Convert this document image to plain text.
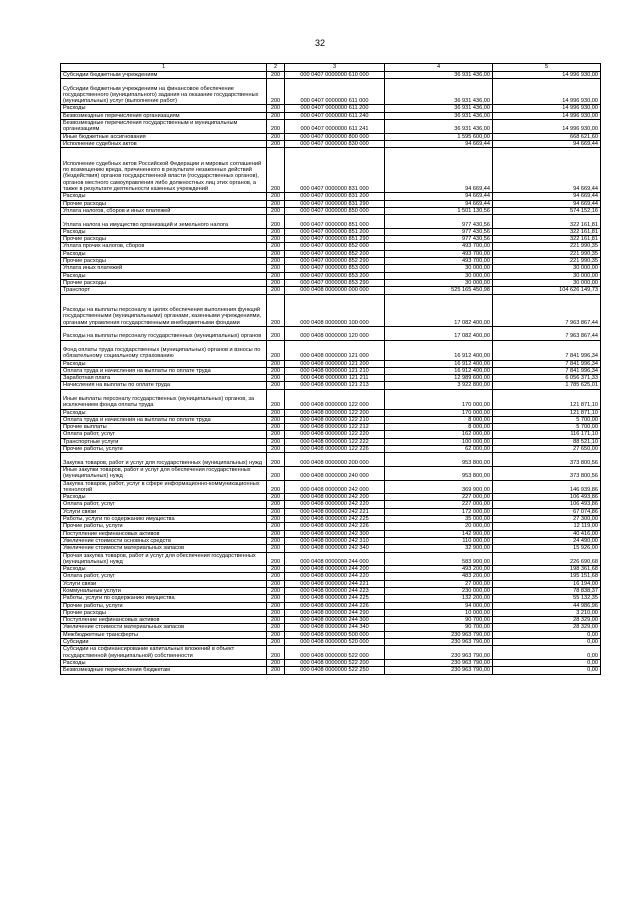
32
1	2	3	4	5
Субсидии бюджетным учреждениям	200	000 0407 0000000 610 000	36 931 436,00	14 996 930,00
Субсидии бюджетным учреждениям на финансовое обеспечение государственного (муниципального) задания на оказание государственных (муниципальных) услуг (выполнение работ)	200	000 0407 0000000 611 000	36 931 436,00	14 996 930,00
Расходы	200	000 0407 0000000 611 200	36 931 436,00	14 996 930,00
Безвозмездные перечисления организациям	200	000 0407 0000000 611 240	36 931 436,00	14 996 930,00
Безвозмездные перечисления государственным и муниципальным организациям	200	000 0407 0000000 611 241	36 931 436,00	14 996 930,00
Иные бюджетные ассигнования	200	000 0407 0000000 800 000	1 595 600,00	668 621,60
Исполнение судебных актов	200	000 0407 0000000 830 000	94 669,44	94 669,44
Исполнение судебных актов Российской Федерации и мировых соглашений по возмещению вреда, причиненного в результате незаконных действий (бездействия) органов государственной власти (государственных органов), органов местного самоуправления либо должностных лиц этих органов, а также в результате деятельности казенных учреждений	200	000 0407 0000000 831 000	94 669,44	94 669,44
Расходы	200	000 0407 0000000 831 200	94 669,44	94 669,44
Прочие расходы	200	000 0407 0000000 831 290	94 669,44	94 669,44
Уплата налогов, сборов и иных платежей	200	000 0407 0000000 850 000	1 501 130,56	574 152,16
Уплата налога на имущество организаций и земельного налога	200	000 0407 0000000 851 000	977 430,56	322 161,81
Расходы	200	000 0407 0000000 851 200	977 430,56	322 161,81
Прочие расходы	200	000 0407 0000000 851 290	977 430,56	322 161,81
Уплата прочих налогов, сборов	200	000 0407 0000000 852 000	493 700,00	221 990,35
Расходы	200	000 0407 0000000 852 200	493 700,00	221 990,35
Прочие расходы	200	000 0407 0000000 852 290	493 700,00	221 990,35
Уплата иных платежей	200	000 0407 0000000 853 000	30 000,00	30 000,00
Расходы	200	000 0407 0000000 853 200	30 000,00	30 000,00
Прочие расходы	200	000 0407 0000000 853 290	30 000,00	30 000,00
Транспорт	200	000 0408 0000000 000 000	525 165 450,98	104 626 149,73
Расходы на выплаты персоналу в целях обеспечения выполнения функций государственными (муниципальными) органами, казенными учреждениями, органами управления государственными внебюджетными фондами	200	000 0408 0000000 100 000	17 082 400,00	7 963 867,44
Расходы на выплаты персоналу государственных (муниципальных) органов	200	000 0408 0000000 120 000	17 082 400,00	7 963 867,44
Фонд оплаты труда государственных (муниципальных) органов и взносы по обязательному социальному страхованию	200	000 0408 0000000 121 000	16 912 400,00	7 841 996,34
Расходы	200	000 0408 0000000 121 200	16 912 400,00	7 841 996,34
Оплата труда и начисления на выплаты по оплате труда	200	000 0408 0000000 121 210	16 912 400,00	7 841 996,34
Заработная плата	200	000 0408 0000000 121 211	12 989 600,00	6 056 371,33
Начисления на выплаты по оплате труда	200	000 0408 0000000 121 213	3 922 800,00	1 785 625,01
Иные выплаты персоналу государственных (муниципальных) органов, за исключением фонда оплаты труда	200	000 0408 0000000 122 000	170 000,00	121 871,10
Расходы	200	000 0408 0000000 122 200	170 000,00	121 871,10
Оплата труда и начисления на выплаты по оплате труда	200	000 0408 0000000 122 210	8 000,00	5 700,00
Прочие выплаты	200	000 0408 0000000 122 212	8 000,00	5 700,00
Оплата работ, услуг	200	000 0408 0000000 122 220	162 000,00	116 171,10
Транспортные услуги	200	000 0408 0000000 122 222	100 000,00	88 521,10
Прочие работы, услуги	200	000 0408 0000000 122 226	62 000,00	27 650,00
Закупка товаров, работ и услуг для государственных (муниципальных) нужд	200	000 0408 0000000 200 000	953 800,00	373 800,56
Иные закупки товаров, работ и услуг для обеспечения государственных (муниципальных) нужд	200	000 0408 0000000 240 000	953 800,00	373 800,56
Закупка товаров, работ, услуг в сфере информационно-коммуникационных технологий	200	000 0408 0000000 242 000	369 900,00	146 939,86
Расходы	200	000 0408 0000000 242 200	227 000,00	106 493,86
Оплата работ, услуг	200	000 0408 0000000 242 220	227 000,00	106 493,86
Услуги связи	200	000 0408 0000000 242 221	172 000,00	67 074,86
Работы, услуги по содержанию имущества	200	000 0408 0000000 242 225	35 000,00	27 300,00
Прочие работы, услуги	200	000 0408 0000000 242 226	20 000,00	12 119,00
Поступление нефинансовых активов	200	000 0408 0000000 242 300	142 900,00	40 416,00
Увеличение стоимости основных средств	200	000 0408 0000000 242 310	110 000,00	24 490,00
Увеличение стоимости материальных запасов	200	000 0408 0000000 242 340	32 900,00	15 926,00
Прочая закупка товаров, работ и услуг для обеспечения государственных (муниципальных) нужд	200	000 0408 0000000 244 000	583 900,00	226 690,68
Расходы	200	000 0408 0000000 244 200	493 200,00	198 361,68
Оплата работ, услуг	200	000 0408 0000000 244 220	483 200,00	195 151,68
Услуги связи	200	000 0408 0000000 244 221	27 000,00	16 194,00
Коммунальные услуги	200	000 0408 0000000 244 223	230 000,00	78 838,37
Работы, услуги по содержанию имущества	200	000 0408 0000000 244 225	132 200,00	55 132,35
Прочие работы, услуги	200	000 0408 0000000 244 226	94 000,00	44 986,96
Прочие расходы	200	000 0408 0000000 244 290	10 000,00	3 210,00
Поступление нефинансовых активов	200	000 0408 0000000 244 300	90 700,00	28 329,00
Увеличение стоимости материальных запасов	200	000 0408 0000000 244 340	90 700,00	28 329,00
Межбюджетные трансферты	200	000 0408 0000000 500 000	230 963 790,00	0,00
Субсидии	200	000 0408 0000000 520 000	230 963 790,00	0,00
Субсидии на софинансирование капитальных вложений в объект государственной (муниципальной) собственности	200	000 0408 0000000 522 000	230 963 790,00	0,00
Расходы	200	000 0408 0000000 522 200	230 963 790,00	0,00
Безвозмездные перечисления бюджетам	200	000 0408 0000000 522 250	230 963 790,00	0,00
